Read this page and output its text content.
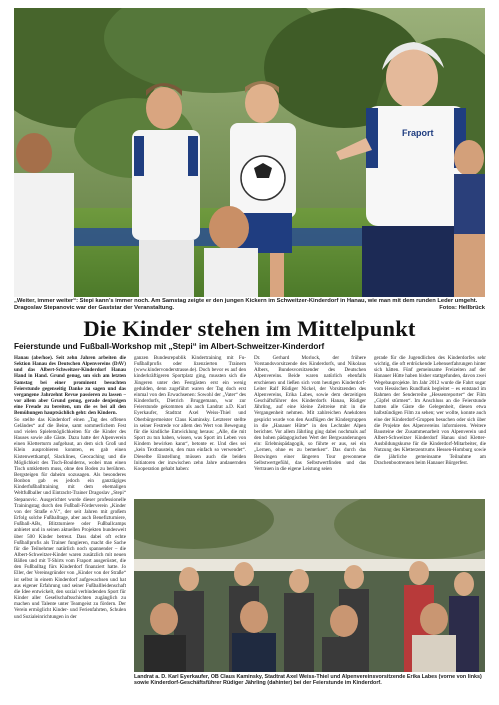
Fraport
„Weiter, immer weiter“: Stepi kann’s immer noch. Am Samstag zeigte er den jungen Kickern im Schweitzer-Kinderdorf in Hanau, wie man mit dem runden Leder umgeht. Dragoslav Stepanovic war der Gaststar der Veranstaltung.	Fotos: Hellbrück
Die Kinder stehen im Mittelpunkt
Feierstunde und Fußball-Workshop mit „Stepi“ im Albert-Schweitzer-Kinderdorf

Hanau (abe/hoe). Seit zehn Jahren arbeiten die Sektion Hanau des Deutschen Alpenvereins (DAV) und das Albert-Schweitzer-Kinderdorf Hanau Hand in Hand. Grund genug, um sich am letzten Samstag bei einer prominent besuchten Feierstunde gegenseitig Danke zu sagen und das vergangene Jahrzehnt Revue passieren zu lassen – vor allem aber Grund genug, gerade denjenigen eine Freude zu bereiten, um die es bei all den Bemühungen hauptsächlich geht: den Kindern.

So stellte das Kinderdorf einen „Tag des offenen Geländes“ auf die Beine, samt sommerlichem Fest und vielen Spielemöglichkeiten für die Kinder des Hauses sowie alle Gäste. Dazu hatte der Alpenverein einen Kletterturm aufgebaut, an dem sich Groß und Klein ausprobieren konnten, es gab einen Kistenwettkampf, Slacklines, Geocaching und die Möglichkeit des Tisch-Boulderns, wobei man einen Tisch umklettern muss, ohne den Boden zu berühren. Bergsteigen für daheim sozusagen. Als besonderes Bonbon gab es jedoch ein ganztägiges Kinderfußballtraining mit dem ehemaligen Weltfußballer und Eintracht-Trainer Dragoslav „Stepi“ Stepanovic. Ausgerichtet wurde dieser professionelle Trainingstag durch den Fußball-Förderverein „Kinder von der Straße e.V.“, der seit Jahren mit großem Erfolg solche Fußballtage, aber auch Benefizturniere, Fußball-ABs, Blitzturniere oder Fußballcamps anbietet und in seinen aktuellen Projekten bundesweit über 500 Kinder betreut. Dass dabei oft echte Fußballprofis als Trainer fungieren, macht die Sache für die Teilnehmer natürlich noch spannender – die Albert-Schweitzer-Kinder waren zusätzlich mit neuen Bällen und mit T-Shirts vom Fraport ausgerüstet, die den Fußballtag fürs Kinderdorf finanziert hatte. Jo Eller, der Vereinsgründer von „Kinder von der Straße“ ist selbst in einem Kinderdorf aufgewachsen und hat aus eigener Erfahrung und seiner Fußballleidenschaft die Idee entwickelt, den sozial verbindenden Sport für Kinder aller Gesellschaftsschichten zugänglich zu machen und Talente unter Teamgeist zu fördern. Der Verein ermöglicht Kinder- und Ferienfahrten, Schulen und Sozialeinrichtungen in der

ganzen Bundesrepublik Kindertraining mit Fu-Fußballprofis oder lizenzierten Trainern (www.kindervonderstrasse.de). Doch bevor es auf den kinderkräftigeren Sportplatz ging, mussten sich die Jüngeren unter den Festgästen erst ein wenig gedulden, denn zugeführt waren der Tag doch erst einmal von den Erwachsenen: Sowohl der „Vater“ des Kinderdorfs, Dietrich Bruggemann, war zur Feierstunde gekommen als auch Landrat a.D. Karl Eyerkaufer, Stadtrat Axel Weiss-Thiel und Oberbürgermeister Claus Kaminsky. Letzterer stellte in seiner Festrede vor allem den Wert von Bewegung für die kindliche Entwicklung heraus: „Alle, die mit Sport zu tun haben, wissen, was Sport im Leben von Kindern bewirken kann“, betonte er. Und dies sei „kein Textbaustein, den man einfach so verwendet“. Dieselbe Einstellung müssen auch die beiden Initiatoren der inzwischen zehn Jahre andauernden Kooperation gehabt haben:

Dr. Gerhard Morlock, der frühere Vorstandsvorsitzende des Kinderdorfs, und Nikolaus Albers, Bundesvorsitzender des Deutschen Alpenvereins. Beide waren natürlich ebenfalls erschienen und ließen sich vom heutigen Kinderdorf-Leiter Ralf Rüdiger Nickel, der Vorsitzenden des Alpenvereins, Erika Labes, sowie dem derzeitigen Geschäftsführer des Kinderdorfs Hanau, Rüdiger Jährling, auf eine kleine Zeitreise mit in die Vergangenheit nehmen. Mit zahlreichen Anekdoten gespickt wurde von den Ausflügen der Kindergruppen in die „Hanauer Hütte“ in den Lechtaler Alpen berichtet. Vor allem Jährling ging dabei nochmals auf den hohen pädagogischen Wert der Bergwanderungen ein: Erlebnispädagogik, so führte er aus, sei ein „Lernen, ohne es zu bemerken“. Das durch das Bezwingen einer längeren Tour gewonnene Selbstwertgefühl, das Selbstwertfinden und das Vertrauen in die eigene Leistung seien

gerade für die Jugendlichen des Kinderdorfes sehr wichtig, die oft erdrückende Lebenserfahrungen hinter sich hätten. Fünf gemeinsame Freizeiten auf der Hanauer Hütte haben bisher stattgefunden, davon zwei Wegebauprojekte. Im Jahr 2012 wurde die Fahrt sogar vom Hessischen Rundfunk begleitet – es entstand im Rahmen der Senderreihe „Hessenreporter“ der Film „Gipfel stürmen“. Im Anschluss an die Feierstunde hatten alle Gäste die Gelegenheit, diesen etwa halbstündigen Film zu sehen; wer wollte, konnte auch eine der Kinderdorf-Gruppen besuchen oder sich über die Projekte des Alpenvereins informieren. Weitere Bausteine der Zusammenarbeit von Alpenverein und Albert-Schweitzer Kinderdorf Hanau sind Kletter-Ausbildungskurse für die Kinderdorf-Mitarbeiter, die Nutzung des Kletterzentrums Hessen-Homburg sowie die jährliche gemeinsame Teilnahme am Drachenbootrennen beim Hanauer Bürgerfest.

Landrat a. D. Karl Eyerkaufer, OB Claus Kaminsky, Stadtrat Axel Weiss-Thiel und Alpenvereinsvorsitzende Erika Labes (vorne von links) sowie Kinderdorf-Geschäftsführer Rüdiger Jährling (dahinter) bei der Feierstunde im Kinderdorf.
